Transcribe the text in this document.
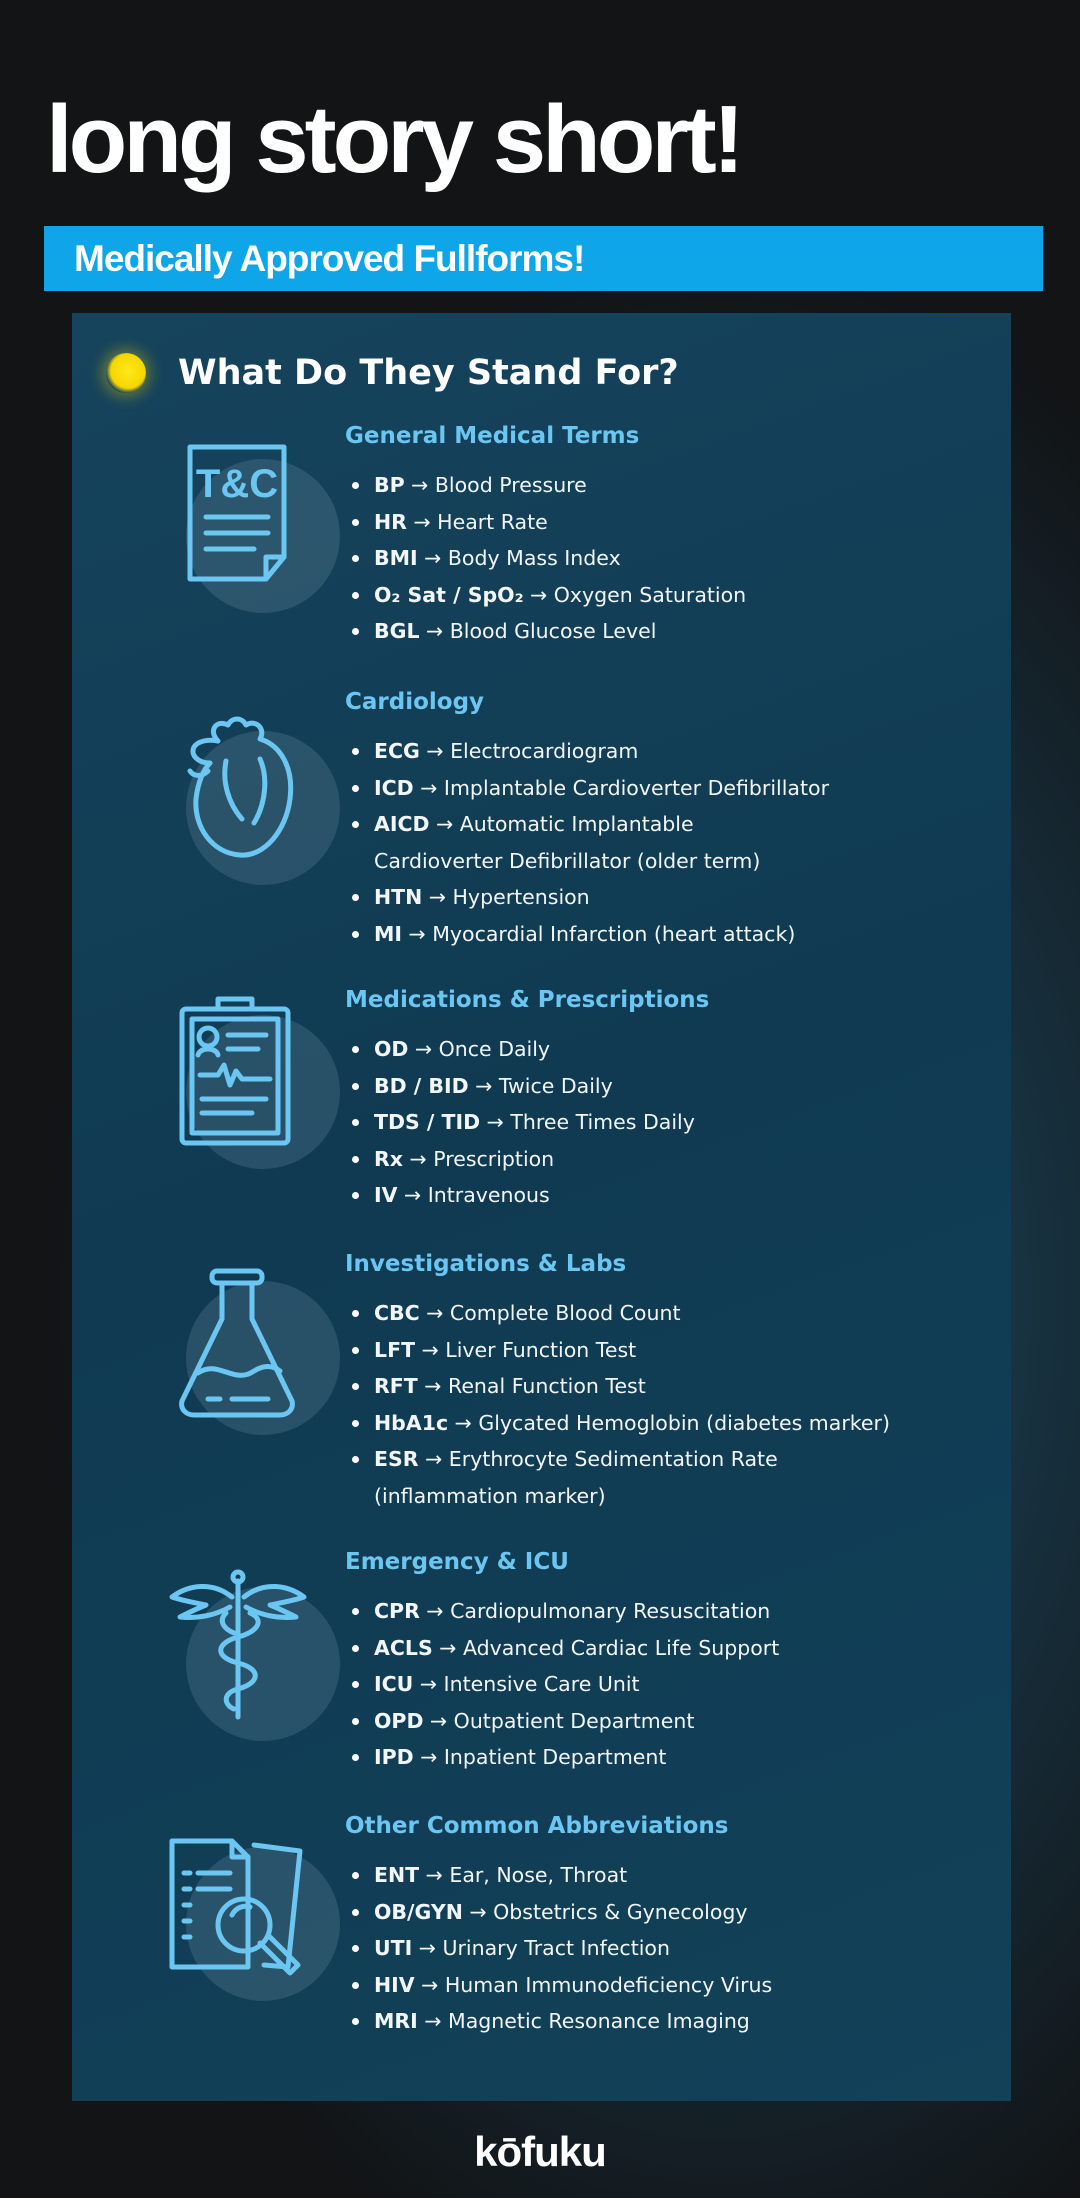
long story short!
Medically Approved Fullforms!
What Do They Stand For?
T&C
General Medical Terms
BP → Blood Pressure
HR → Heart Rate
BMI → Body Mass Index
O₂ Sat / SpO₂ → Oxygen Saturation
BGL → Blood Glucose Level
Cardiology
ECG → Electrocardiogram
ICD → Implantable Cardioverter Defibrillator
AICD → Automatic Implantable Cardioverter Defibrillator (older term)
HTN → Hypertension
MI → Myocardial Infarction (heart attack)
Medications & Prescriptions
OD → Once Daily
BD / BID → Twice Daily
TDS / TID → Three Times Daily
Rx → Prescription
IV → Intravenous
Investigations & Labs
CBC → Complete Blood Count
LFT → Liver Function Test
RFT → Renal Function Test
HbA1c → Glycated Hemoglobin (diabetes marker)
ESR → Erythrocyte Sedimentation Rate (inflammation marker)
Emergency & ICU
CPR → Cardiopulmonary Resuscitation
ACLS → Advanced Cardiac Life Support
ICU → Intensive Care Unit
OPD → Outpatient Department
IPD → Inpatient Department
Other Common Abbreviations
ENT → Ear, Nose, Throat
OB/GYN → Obstetrics & Gynecology
UTI → Urinary Tract Infection
HIV → Human Immunodeficiency Virus
MRI → Magnetic Resonance Imaging
kōfuku
